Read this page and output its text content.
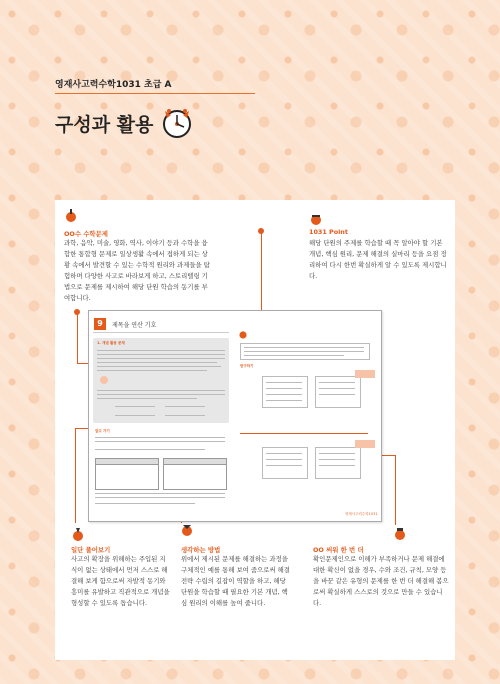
영재사고력수학1031 초급 A
구성과 활용
OO수 수학문제
과학, 음악, 미술, 영화, 역사, 이야기 등과 수학을 융합한 통합형 문제로 일상생활 속에서 접하게 되는 상황 속에서 발견할 수 있는 수학적 원리와 과제들을 탐험하며 다양한 사고로 바라보게 하고, 스토리텔링 기법으로 문제를 제시하여 해당 단원 학습의 동기를 부여합니다.
1031 Point
해당 단원의 주제를 학습할 때 꼭 알아야 할 기본 개념, 핵심 원리, 문제 해결의 실마리 등을 요점 정리하여 다시 한번 확실하게 알 수 있도록 제시합니다.
9	제목을 연산 기호
1. 개념 활용 문제
알고 가기
탐구하기
영재사고력수학1031
일단 풀어보기
사고의 확장을 위해하는 주입된 지식이 없는 상태에서 먼저 스스로 해결해 보게 함으로써 자발적 동기와 흥미를 유발하고 직관적으로 개념을 형성할 수 있도록 돕습니다.
생각하는 방법
위에서 제시된 문제를 해결하는 과정을 구체적인 예를 통해 보여 줌으로써 해결 전략 수립의 길잡이 역할을 하고, 해당 단원을 학습할 때 필요한 기본 개념, 핵심 원리의 이해를 높여 줍니다.
OO 써워 한 번 더
확인문제인으로 이해가 부족하거나 문제 해결에 대한 확신이 없을 경우, 수와 조건, 규칙, 모양 등을 바꾼 같은 유형의 문제를 한 번 더 해결해 봄으로써 확실하게 스스로의 것으로 만들 수 있습니다.
